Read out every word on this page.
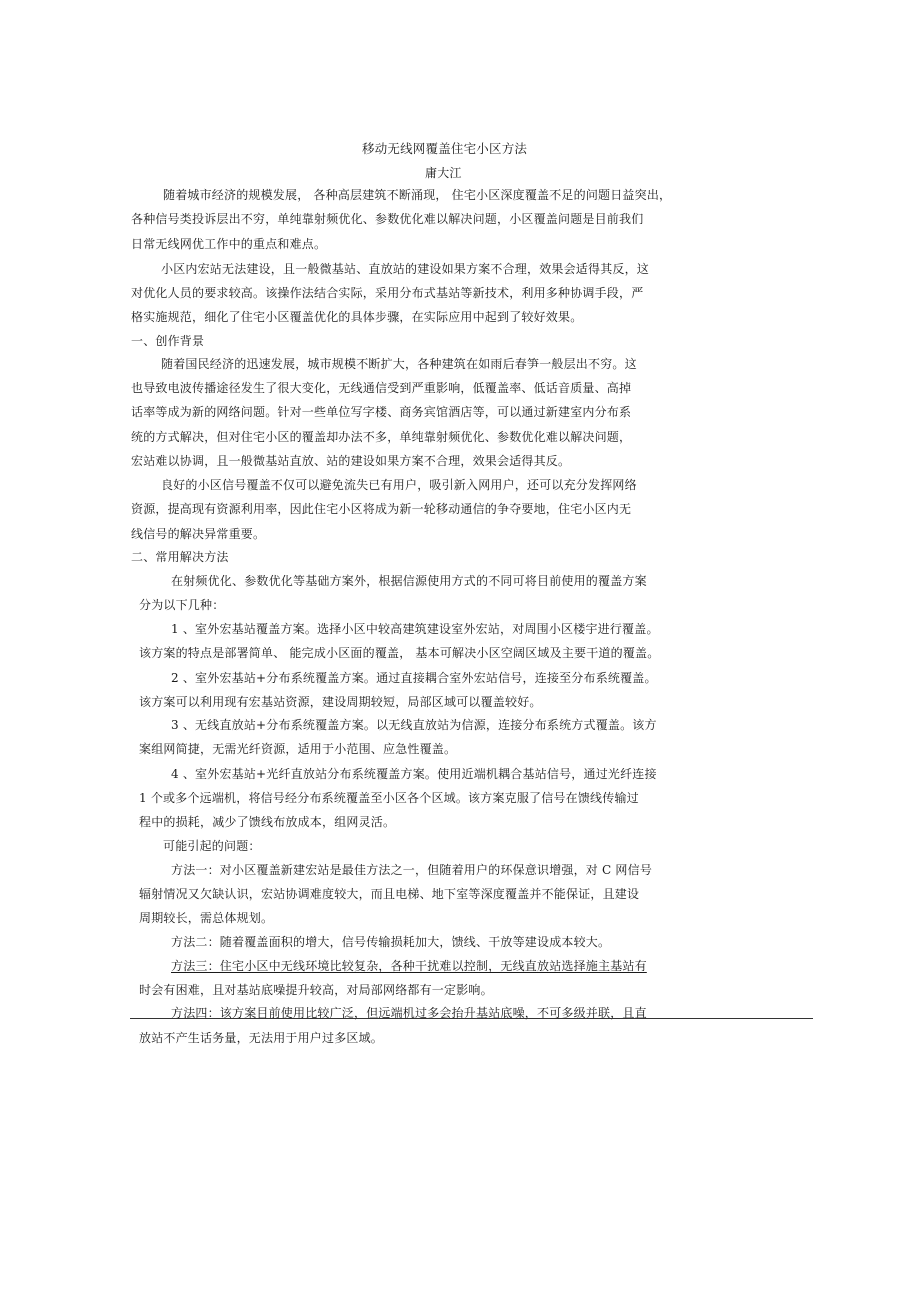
移动无线网覆盖住宅小区方法
庸大江
随着城市经济的规模发展， 各种高层建筑不断涌现， 住宅小区深度覆盖不足的问题日益突出，
各种信号类投诉层出不穷，单纯靠射频优化、参数优化难以解决问题，小区覆盖问题是目前我们
日常无线网优工作中的重点和难点。
小区内宏站无法建设，且一般微基站、直放站的建设如果方案不合理，效果会适得其反，这
对优化人员的要求较高。该操作法结合实际，采用分布式基站等新技术，利用多种协调手段，严
格实施规范，细化了住宅小区覆盖优化的具体步骤，在实际应用中起到了较好效果。
一、创作背景
随着国民经济的迅速发展，城市规模不断扩大，各种建筑在如雨后春笋一般层出不穷。这
也导致电波传播途径发生了很大变化，无线通信受到严重影响，低覆盖率、低话音质量、高掉
话率等成为新的网络问题。针对一些单位写字楼、商务宾馆酒店等，可以通过新建室内分布系
统的方式解决，但对住宅小区的覆盖却办法不多，单纯靠射频优化、参数优化难以解决问题，
宏站难以协调，且一般微基站直放、站的建设如果方案不合理，效果会适得其反。
良好的小区信号覆盖不仅可以避免流失已有用户，吸引新入网用户，还可以充分发挥网络
资源，提高现有资源利用率，因此住宅小区将成为新一轮移动通信的争夺要地，住宅小区内无
线信号的解决异常重要。
二、常用解决方法
在射频优化、参数优化等基础方案外，根据信源使用方式的不同可将目前使用的覆盖方案
分为以下几种：
1 、室外宏基站覆盖方案。选择小区中较高建筑建设室外宏站，对周围小区楼宇进行覆盖。
该方案的特点是部署简单、 能完成小区面的覆盖， 基本可解决小区空阔区域及主要干道的覆盖。
2 、室外宏基站+分布系统覆盖方案。通过直接耦合室外宏站信号，连接至分布系统覆盖。
该方案可以利用现有宏基站资源，建设周期较短，局部区域可以覆盖较好。
3 、无线直放站+分布系统覆盖方案。以无线直放站为信源，连接分布系统方式覆盖。该方
案组网简捷，无需光纤资源，适用于小范围、应急性覆盖。
4 、室外宏基站+光纤直放站分布系统覆盖方案。使用近端机耦合基站信号，通过光纤连接
1 个或多个远端机，将信号经分布系统覆盖至小区各个区域。该方案克服了信号在馈线传输过
程中的损耗，减少了馈线布放成本，组网灵活。
可能引起的问题：
方法一：对小区覆盖新建宏站是最佳方法之一，但随着用户的环保意识增强，对 C 网信号
辐射情况又欠缺认识，宏站协调难度较大，而且电梯、地下室等深度覆盖并不能保证，且建设
周期较长，需总体规划。
方法二：随着覆盖面积的增大，信号传输损耗加大，馈线、干放等建设成本较大。
方法三：住宅小区中无线环境比较复杂，各种干扰难以控制，无线直放站选择施主基站有
时会有困难，且对基站底噪提升较高，对局部网络都有一定影响。
方法四：该方案目前使用比较广泛，但远端机过多会抬升基站底噪，不可多级并联，且直
放站不产生话务量，无法用于用户过多区域。
